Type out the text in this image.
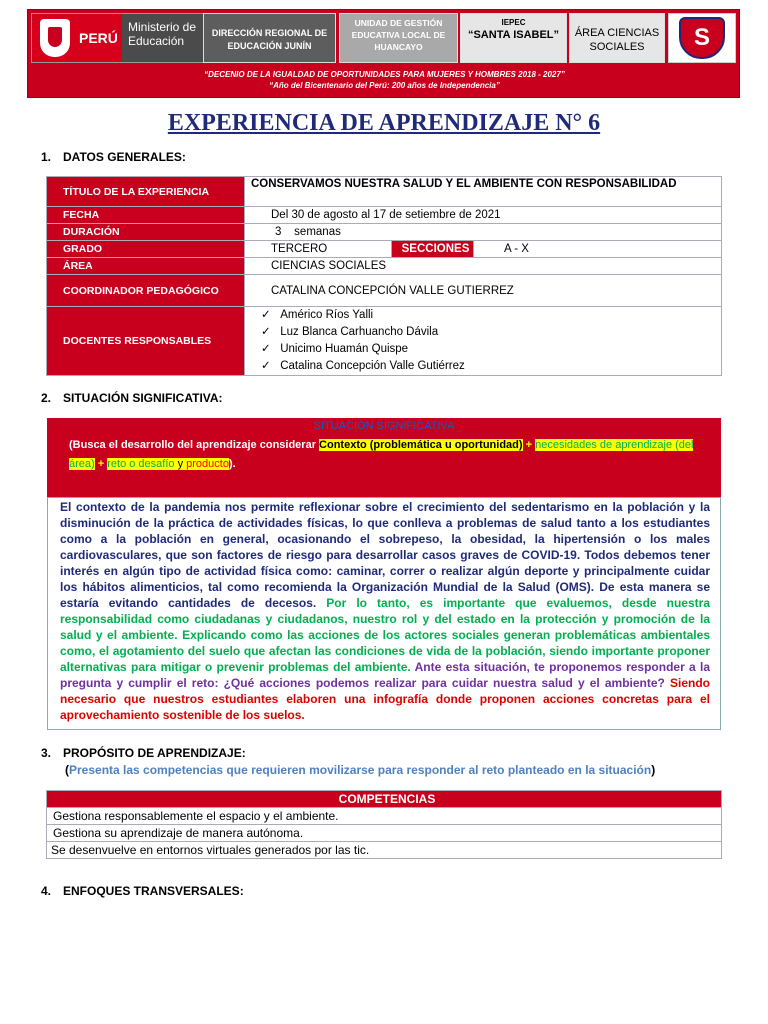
PERÚ
Ministerio de Educación
DIRECCIÓN REGIONAL DE EDUCACIÓN JUNÍN
UNIDAD DE GESTIÓN EDUCATIVA LOCAL DE HUANCAYO
IEPEC
“SANTA ISABEL”	ÁREA CIENCIAS SOCIALES	S
“DECENIO DE LA IGUALDAD DE OPORTUNIDADES PARA MUJERES Y HOMBRES 2018 - 2027”
“Año del Bicentenario del Perú: 200 años de Independencia”
EXPERIENCIA DE APRENDIZAJE N° 6
1. DATOS GENERALES:
TÍTULO DE LA EXPERIENCIA	CONSERVAMOS NUESTRA SALUD Y EL AMBIENTE CON RESPONSABILIDAD		
FECHA	Del 30 de agosto al 17 de setiembre de 2021		
DURACIÓN	3    semanas		
GRADO	TERCERO	SECCIONES	A - X
ÁREA	CIENCIAS SOCIALES		
COORDINADOR PEDAGÓGICO	CATALINA CONCEPCIÓN VALLE GUTIERREZ		
DOCENTES RESPONSABLES	✓   Américo Ríos Yalli
✓   Luz Blanca Carhuancho Dávila
✓   Unicimo Huamán Quispe
✓   Catalina Concepción Valle Gutiérrez		
2. SITUACIÓN SIGNIFICATIVA:
SITUACIÓN SIGNIFICATIVA
(Busca el desarrollo del aprendizaje considerar Contexto (problemática u oportunidad) + necesidades de aprendizaje (del área) + reto o desafío y producto).
El contexto de la pandemia nos permite reflexionar sobre el crecimiento del sedentarismo en la población y la disminución de la práctica de actividades físicas, lo que conlleva a problemas de salud tanto a los estudiantes como a la población en general, ocasionando el sobrepeso, la obesidad, la hipertensión o los males cardiovasculares, que son factores de riesgo para desarrollar casos graves de COVID-19. Todos debemos tener interés en algún tipo de actividad física como: caminar, correr o realizar algún deporte y principalmente cuidar los hábitos alimenticios, tal como recomienda la Organización Mundial de la Salud (OMS). De esta manera se estaría evitando cantidades de decesos. Por lo tanto, es importante que evaluemos, desde nuestra responsabilidad como ciudadanas y ciudadanos, nuestro rol y del estado en la protección y promoción de la salud y el ambiente. Explicando como las acciones de los actores sociales generan problemáticas ambientales como, el agotamiento del suelo que afectan las condiciones de vida de la población, siendo importante proponer alternativas para mitigar o prevenir problemas del ambiente. Ante esta situación, te proponemos responder a la pregunta y cumplir el reto: ¿Qué acciones podemos realizar para cuidar nuestra salud y el ambiente? Siendo necesario que nuestros estudiantes elaboren una infografía donde proponen acciones concretas para el aprovechamiento sostenible de los suelos.
3. PROPÓSITO DE APRENDIZAJE:
(Presenta las competencias que requieren movilizarse para responder al reto planteado en la situación)
COMPETENCIAS
Gestiona responsablemente el espacio y el ambiente.
Gestiona su aprendizaje de manera autónoma.
Se desenvuelve en entornos virtuales generados por las tic.
4. ENFOQUES TRANSVERSALES:
